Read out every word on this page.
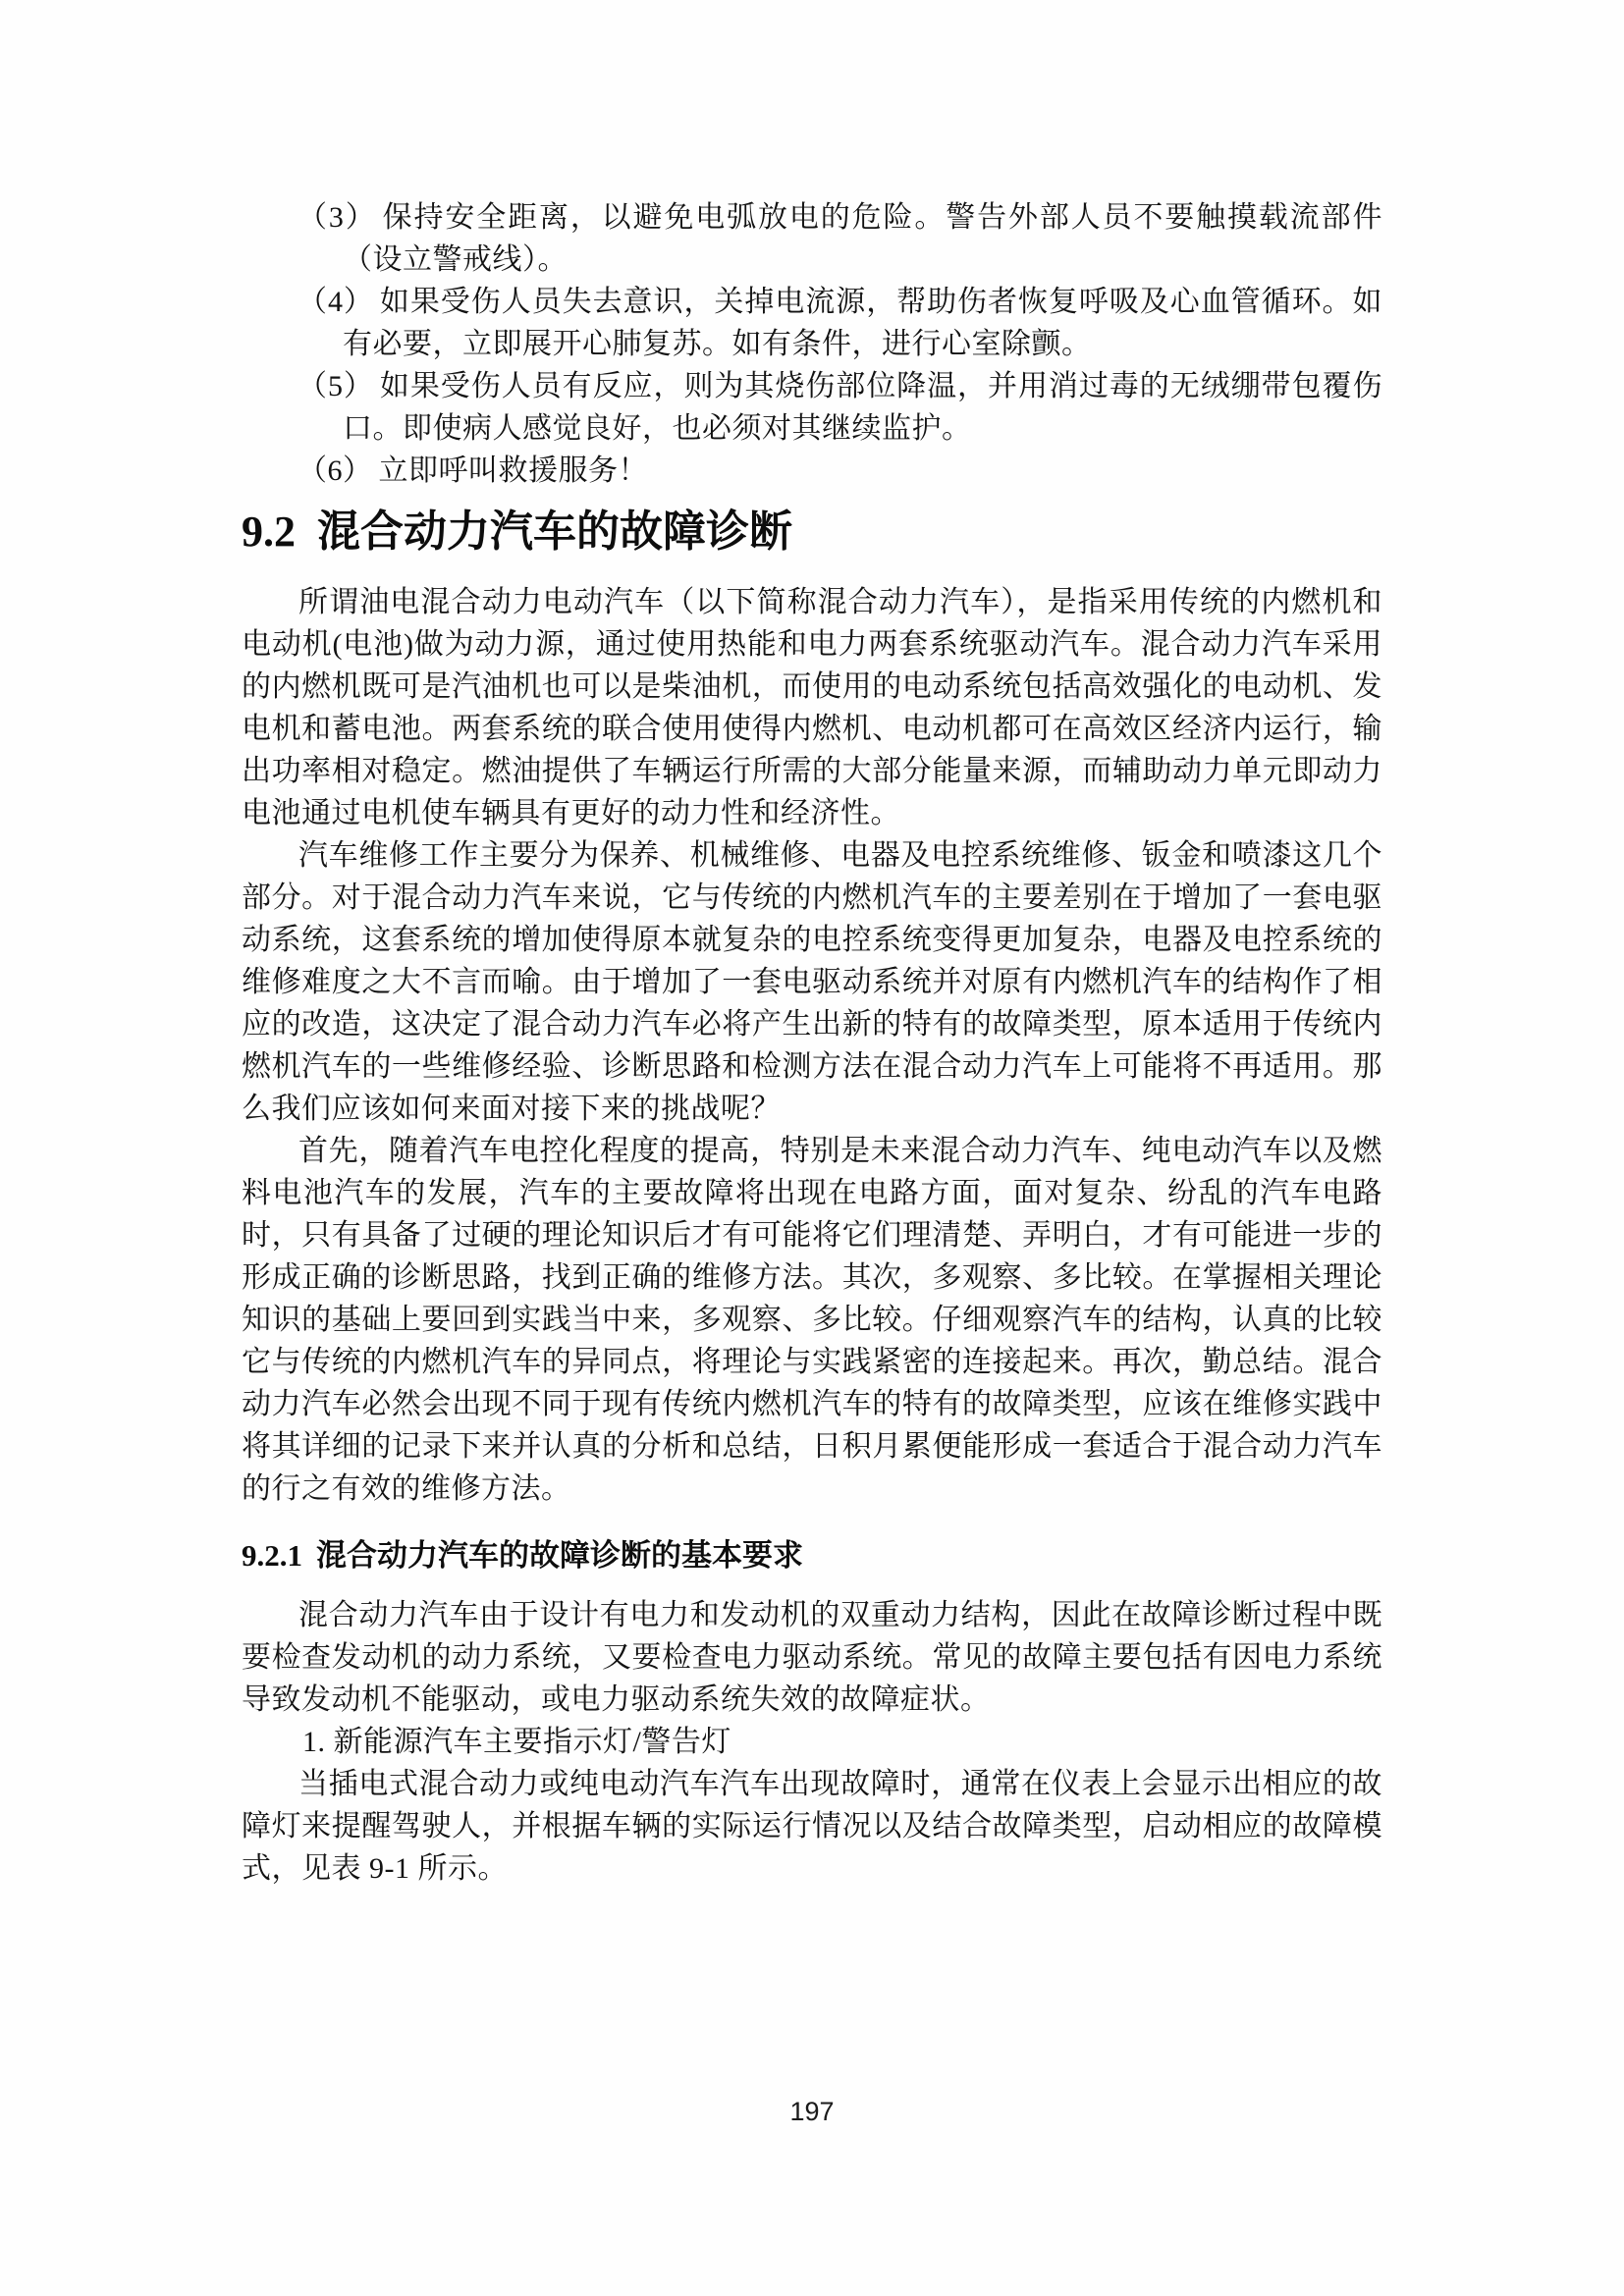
（3） 保持安全距离，以避免电弧放电的危险。警告外部人员不要触摸载流部件（设立警戒线）。

（4） 如果受伤人员失去意识，关掉电流源，帮助伤者恢复呼吸及心血管循环。如有必要，立即展开心肺复苏。如有条件，进行心室除颤。

（5） 如果受伤人员有反应，则为其烧伤部位降温，并用消过毒的无绒绷带包覆伤口。即使病人感觉良好，也必须对其继续监护。

（6） 立即呼叫救援服务！

9.2 混合动力汽车的故障诊断

所谓油电混合动力电动汽车（以下简称混合动力汽车），是指采用传统的内燃机和电动机(电池)做为动力源，通过使用热能和电力两套系统驱动汽车。混合动力汽车采用的内燃机既可是汽油机也可以是柴油机，而使用的电动系统包括高效强化的电动机、发电机和蓄电池。两套系统的联合使用使得内燃机、电动机都可在高效区经济内运行，输出功率相对稳定。燃油提供了车辆运行所需的大部分能量来源，而辅助动力单元即动力电池通过电机使车辆具有更好的动力性和经济性。

汽车维修工作主要分为保养、机械维修、电器及电控系统维修、钣金和喷漆这几个部分。对于混合动力汽车来说，它与传统的内燃机汽车的主要差别在于增加了一套电驱动系统，这套系统的增加使得原本就复杂的电控系统变得更加复杂，电器及电控系统的维修难度之大不言而喻。由于增加了一套电驱动系统并对原有内燃机汽车的结构作了相应的改造，这决定了混合动力汽车必将产生出新的特有的故障类型，原本适用于传统内燃机汽车的一些维修经验、诊断思路和检测方法在混合动力汽车上可能将不再适用。那么我们应该如何来面对接下来的挑战呢？

首先，随着汽车电控化程度的提高，特别是未来混合动力汽车、纯电动汽车以及燃料电池汽车的发展，汽车的主要故障将出现在电路方面，面对复杂、纷乱的汽车电路时，只有具备了过硬的理论知识后才有可能将它们理清楚、弄明白，才有可能进一步的形成正确的诊断思路，找到正确的维修方法。其次，多观察、多比较。在掌握相关理论知识的基础上要回到实践当中来，多观察、多比较。仔细观察汽车的结构，认真的比较它与传统的内燃机汽车的异同点，将理论与实践紧密的连接起来。再次，勤总结。混合动力汽车必然会出现不同于现有传统内燃机汽车的特有的故障类型，应该在维修实践中将其详细的记录下来并认真的分析和总结，日积月累便能形成一套适合于混合动力汽车的行之有效的维修方法。

9.2.1 混合动力汽车的故障诊断的基本要求

混合动力汽车由于设计有电力和发动机的双重动力结构，因此在故障诊断过程中既要检查发动机的动力系统，又要检查电力驱动系统。常见的故障主要包括有因电力系统导致发动机不能驱动，或电力驱动系统失效的故障症状。

1. 新能源汽车主要指示灯/警告灯

当插电式混合动力或纯电动汽车汽车出现故障时，通常在仪表上会显示出相应的故障灯来提醒驾驶人，并根据车辆的实际运行情况以及结合故障类型，启动相应的故障模式，见表 9-1 所示。

197
